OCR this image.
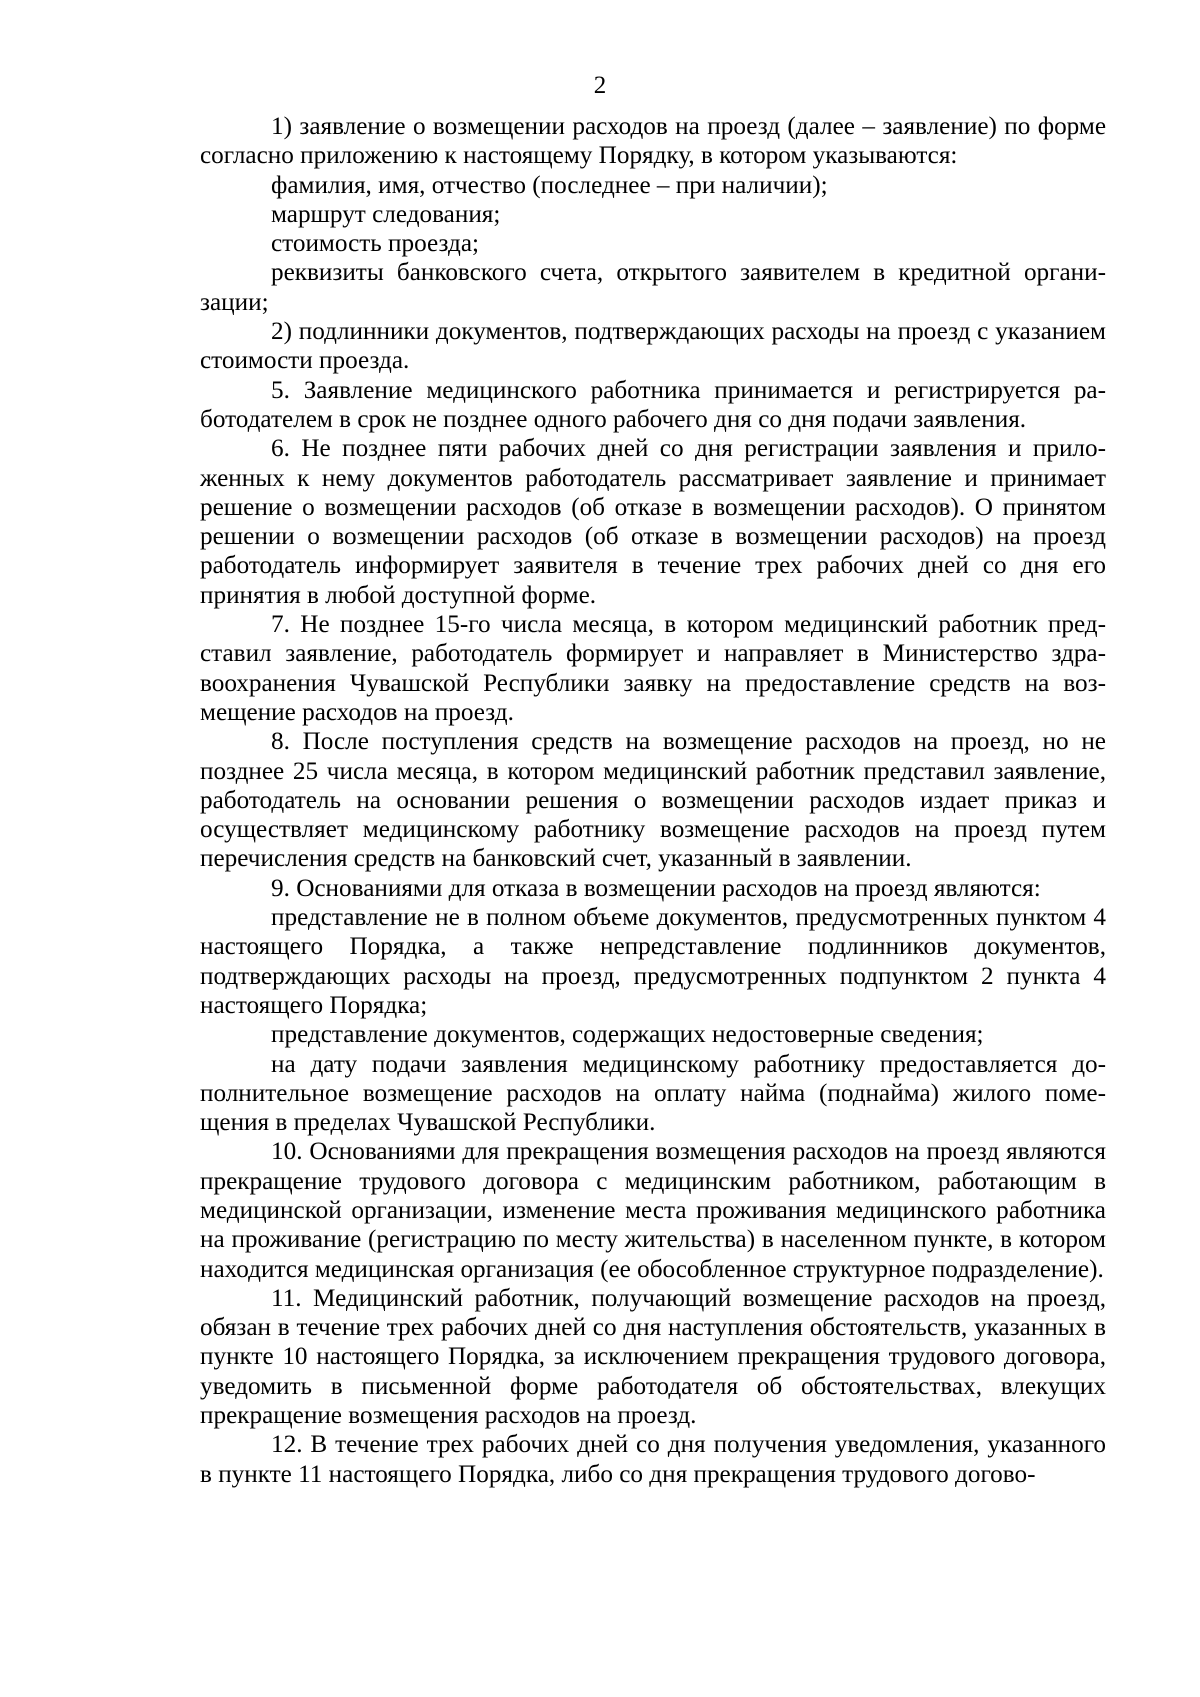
2

1) заявление о возмещении расходов на проезд (далее – заявление) по форме согласно приложению к настоящему Порядку, в котором указываются:

фамилия, имя, отчество (последнее – при наличии);

маршрут следования;

стоимость проезда;

реквизиты банковского счета, открытого заявителем в кредитной организации;

2) подлинники документов, подтверждающих расходы на проезд с указанием стоимости проезда.

5. Заявление медицинского работника принимается и регистрируется работодателем в срок не позднее одного рабочего дня со дня подачи заявления.

6. Не позднее пяти рабочих дней со дня регистрации заявления и приложенных к нему документов работодатель рассматривает заявление и принимает решение о возмещении расходов (об отказе в возмещении расходов). О принятом решении о возмещении расходов (об отказе в возмещении расходов) на проезд работодатель информирует заявителя в течение трех рабочих дней со дня его принятия в любой доступной форме.

7. Не позднее 15-го числа месяца, в котором медицинский работник представил заявление, работодатель формирует и направляет в Министерство здравоохранения Чувашской Республики заявку на предоставление средств на возмещение расходов на проезд.

8. После поступления средств на возмещение расходов на проезд, но не позднее 25 числа месяца, в котором медицинский работник представил заявление, работодатель на основании решения о возмещении расходов издает приказ и осуществляет медицинскому работнику возмещение расходов на проезд путем перечисления средств на банковский счет, указанный в заявлении.

9. Основаниями для отказа в возмещении расходов на проезд являются:

представление не в полном объеме документов, предусмотренных пунктом 4 настоящего Порядка, а также непредставление подлинников документов, подтверждающих расходы на проезд, предусмотренных подпунктом 2 пункта 4 настоящего Порядка;

представление документов, содержащих недостоверные сведения;

на дату подачи заявления медицинскому работнику предоставляется дополнительное возмещение расходов на оплату найма (поднайма) жилого помещения в пределах Чувашской Республики.

10. Основаниями для прекращения возмещения расходов на проезд являются прекращение трудового договора с медицинским работником, работающим в медицинской организации, изменение места проживания медицинского работника на проживание (регистрацию по месту жительства) в населенном пункте, в котором находится медицинская организация (ее обособленное структурное подразделение).

11. Медицинский работник, получающий возмещение расходов на проезд, обязан в течение трех рабочих дней со дня наступления обстоятельств, указанных в пункте 10 настоящего Порядка, за исключением прекращения трудового договора, уведомить в письменной форме работодателя об обстоятельствах, влекущих прекращение возмещения расходов на проезд.

12. В течение трех рабочих дней со дня получения уведомления, указанного в пункте 11 настоящего Порядка, либо со дня прекращения трудового догово-
